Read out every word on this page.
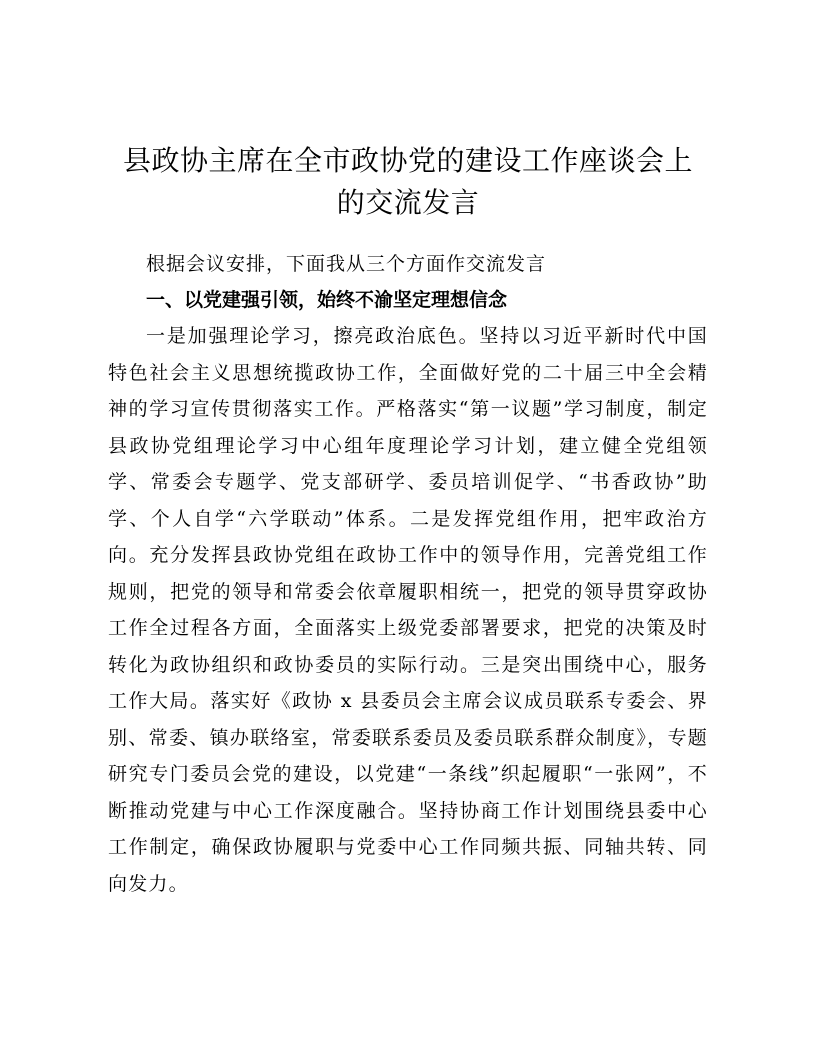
县政协主席在全市政协党的建设工作座谈会上
的交流发言

根据会议安排，下面我从三个方面作交流发言

一、以党建强引领，始终不渝坚定理想信念

一是加强理论学习，擦亮政治底色。坚持以习近平新时代中国特色社会主义思想统揽政协工作，全面做好党的二十届三中全会精神的学习宣传贯彻落实工作。严格落实“第一议题”学习制度，制定县政协党组理论学习中心组年度理论学习计划，建立健全党组领学、常委会专题学、党支部研学、委员培训促学、“书香政协”助学、个人自学“六学联动”体系。二是发挥党组作用，把牢政治方向。充分发挥县政协党组在政协工作中的领导作用，完善党组工作规则，把党的领导和常委会依章履职相统一，把党的领导贯穿政协工作全过程各方面，全面落实上级党委部署要求，把党的决策及时转化为政协组织和政协委员的实际行动。三是突出围绕中心，服务工作大局。落实好《政协 x 县委员会主席会议成员联系专委会、界别、常委、镇办联络室，常委联系委员及委员联系群众制度》，专题研究专门委员会党的建设，以党建“一条线”织起履职“一张网”，不断推动党建与中心工作深度融合。坚持协商工作计划围绕县委中心工作制定，确保政协履职与党委中心工作同频共振、同轴共转、同向发力。
